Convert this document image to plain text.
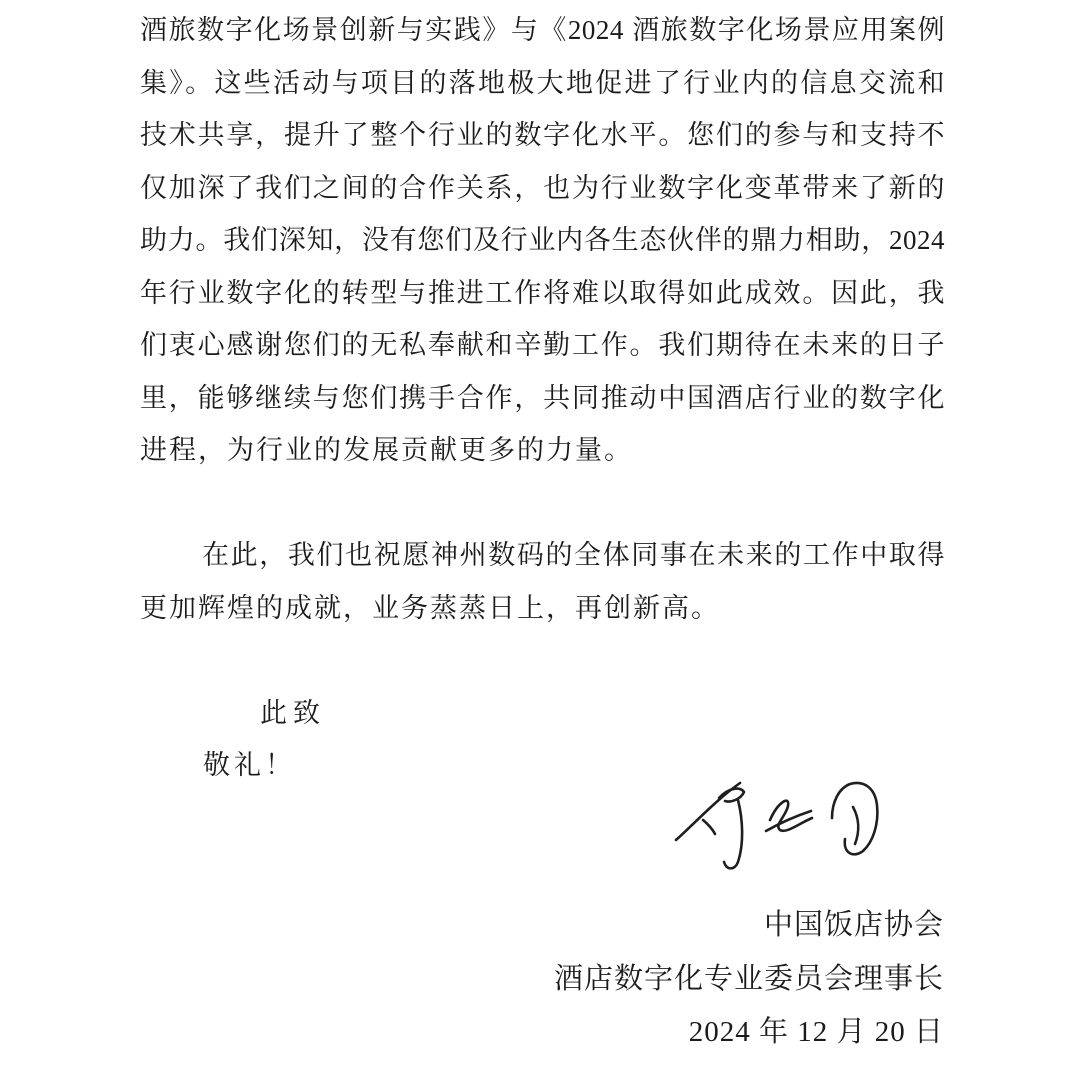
酒旅数字化场景创新与实践》与《2024 酒旅数字化场景应用案例
集》。这些活动与项目的落地极大地促进了行业内的信息交流和
技术共享，提升了整个行业的数字化水平。您们的参与和支持不
仅加深了我们之间的合作关系，也为行业数字化变革带来了新的
助力。我们深知，没有您们及行业内各生态伙伴的鼎力相助，2024
年行业数字化的转型与推进工作将难以取得如此成效。因此，我
们衷心感谢您们的无私奉献和辛勤工作。我们期待在未来的日子
里，能够继续与您们携手合作，共同推动中国酒店行业的数字化
进程，为行业的发展贡献更多的力量。
在此，我们也祝愿神州数码的全体同事在未来的工作中取得
更加辉煌的成就，业务蒸蒸日上，再创新高。
此致
敬礼！
中国饭店协会
酒店数字化专业委员会理事长
2024 年 12 月 20 日
